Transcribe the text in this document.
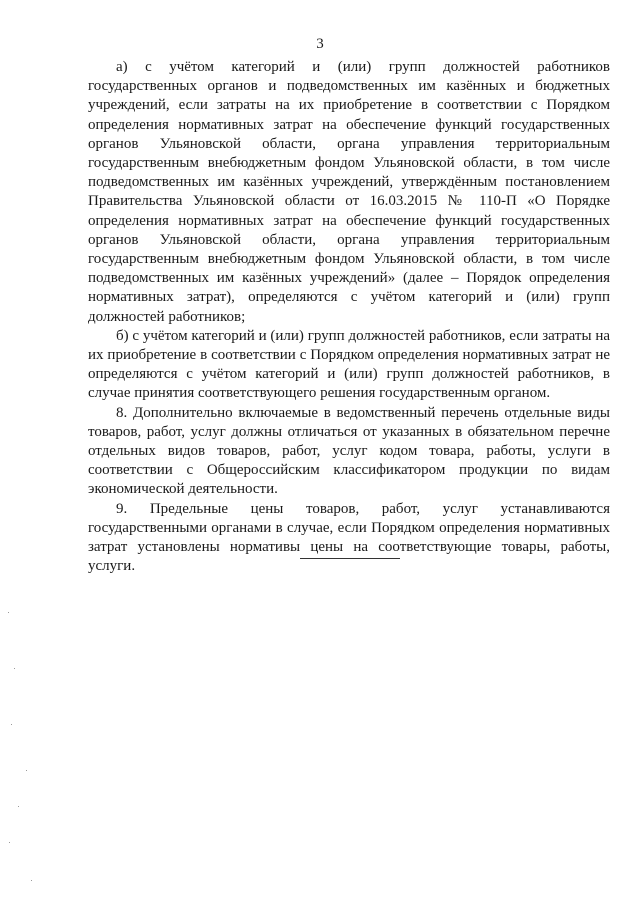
3

а) с учётом категорий и (или) групп должностей работников государственных органов и подведомственных им казённых и бюджетных учреждений, если затраты на их приобретение в соответствии с Порядком определения нормативных затрат на обеспечение функций государственных органов Ульяновской области, органа управления территориальным государственным внебюджетным фондом Ульяновской области, в том числе подведомственных им казённых учреждений, утверждённым постановлением Правительства Ульяновской области от 16.03.2015 № 110-П «О Порядке определения нормативных затрат на обеспечение функций государственных органов Ульяновской области, органа управления территориальным государственным внебюджетным фондом Ульяновской области, в том числе подведомственных им казённых учреждений» (далее – Порядок определения нормативных затрат), определяются с учётом категорий и (или) групп должностей работников;

б) с учётом категорий и (или) групп должностей работников, если затраты на их приобретение в соответствии с Порядком определения нормативных затрат не определяются с учётом категорий и (или) групп должностей работников, в случае принятия соответствующего решения государственным органом.

8. Дополнительно включаемые в ведомственный перечень отдельные виды товаров, работ, услуг должны отличаться от указанных в обязательном перечне отдельных видов товаров, работ, услуг кодом товара, работы, услуги в соответствии с Общероссийским классификатором продукции по видам экономической деятельности.

9. Предельные цены товаров, работ, услуг устанавливаются государственными органами в случае, если Порядком определения нормативных затрат установлены нормативы цены на соответствующие товары, работы, услуги.
